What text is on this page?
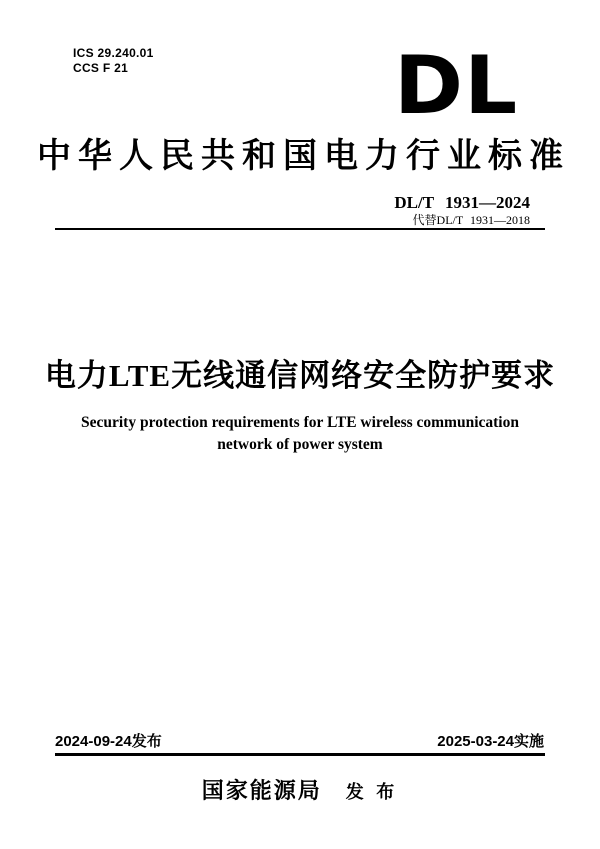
ICS 29.240.01
CCS F 21	DL
中华人民共和国电力行业标准
DL/T 1931—2024
代替DL/T 1931—2018
电力LTE无线通信网络安全防护要求
Security protection requirements for LTE wireless communication
network of power system
2024-09-24发布	2025-03-24实施
国家能源局 发 布
